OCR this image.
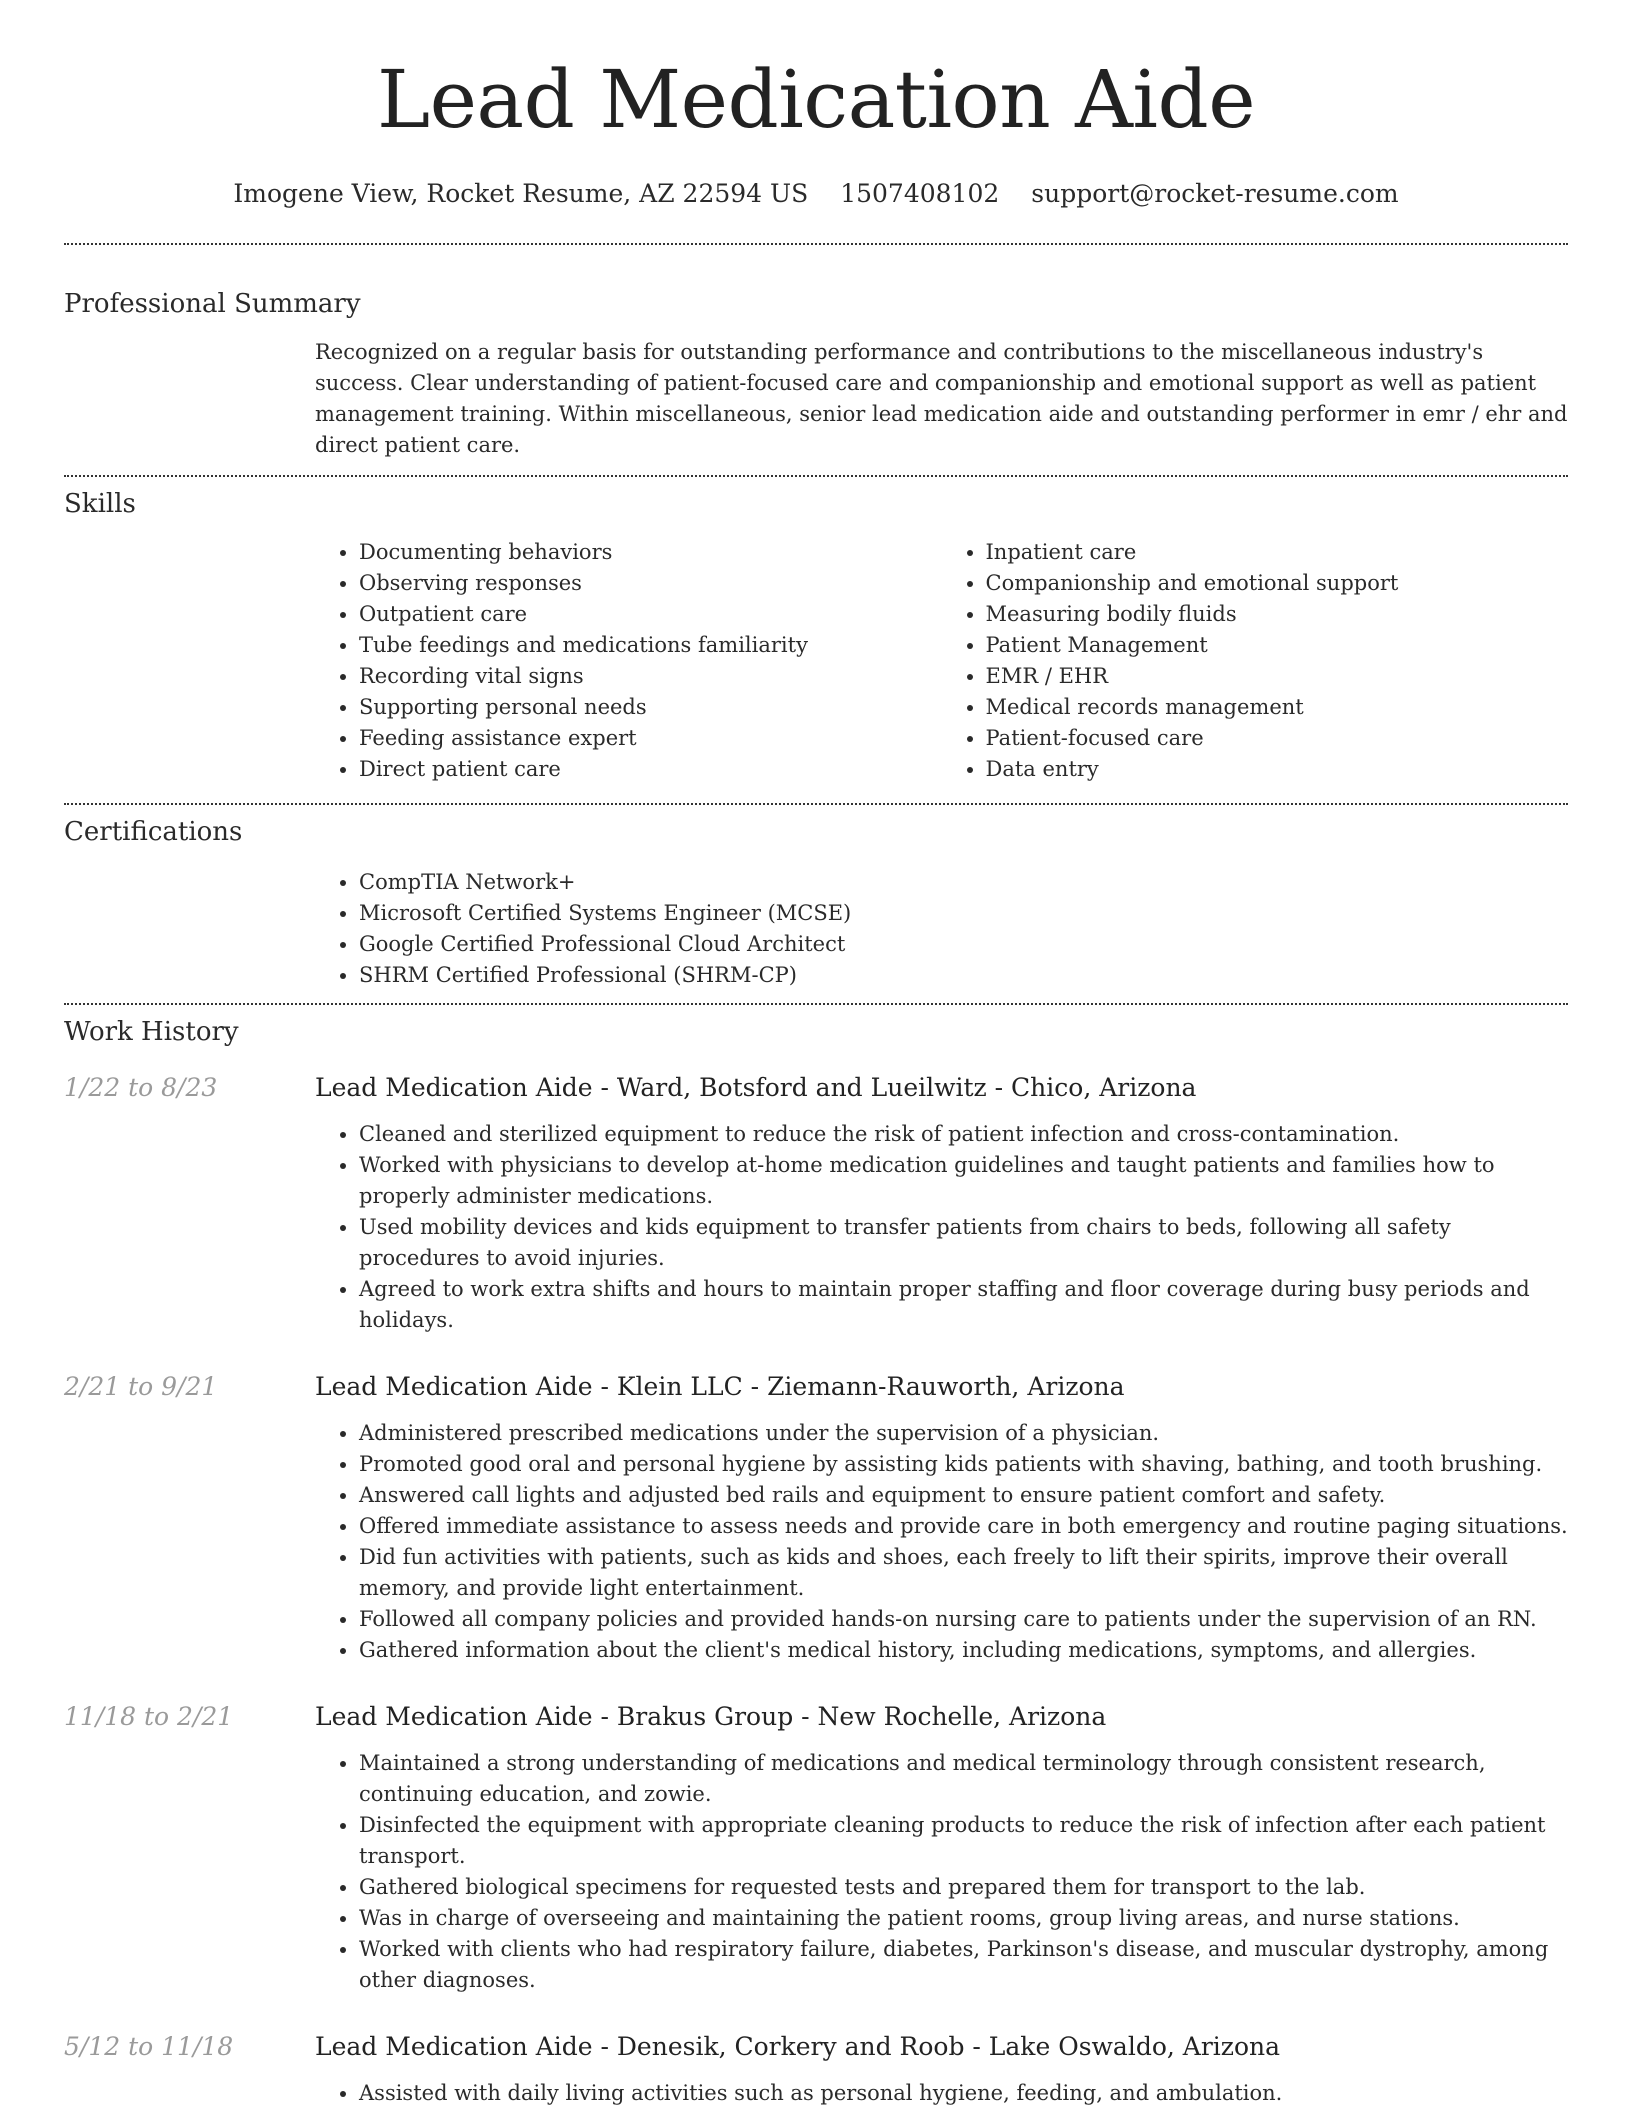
Lead Medication Aide
Imogene View, Rocket Resume, AZ 22594 US 1507408102 support@rocket-resume.com
Professional Summary

Recognized on a regular basis for outstanding performance and contributions to the miscellaneous industry's success. Clear understanding of patient-focused care and companionship and emotional support as well as patient management training. Within miscellaneous, senior lead medication aide and outstanding performer in emr / ehr and direct patient care.

Skills
• Documenting behaviors
• Observing responses
• Outpatient care
• Tube feedings and medications familiarity
• Recording vital signs
• Supporting personal needs
• Feeding assistance expert
• Direct patient care
• Inpatient care
• Companionship and emotional support
• Measuring bodily fluids
• Patient Management
• EMR / EHR
• Medical records management
• Patient-focused care
• Data entry
Certifications
• CompTIA Network+
• Microsoft Certified Systems Engineer (MCSE)
• Google Certified Professional Cloud Architect
• SHRM Certified Professional (SHRM-CP)
Work History
1/22 to 8/23	Lead Medication Aide - Ward, Botsford and Lueilwitz - Chico, Arizona
• Cleaned and sterilized equipment to reduce the risk of patient infection and cross-contamination.
• Worked with physicians to develop at-home medication guidelines and taught patients and families how to properly administer medications.
• Used mobility devices and kids equipment to transfer patients from chairs to beds, following all safety procedures to avoid injuries.
• Agreed to work extra shifts and hours to maintain proper staffing and floor coverage during busy periods and holidays.
2/21 to 9/21	Lead Medication Aide - Klein LLC - Ziemann-Rauworth, Arizona
• Administered prescribed medications under the supervision of a physician.
• Promoted good oral and personal hygiene by assisting kids patients with shaving, bathing, and tooth brushing.
• Answered call lights and adjusted bed rails and equipment to ensure patient comfort and safety.
• Offered immediate assistance to assess needs and provide care in both emergency and routine paging situations.
• Did fun activities with patients, such as kids and shoes, each freely to lift their spirits, improve their overall memory, and provide light entertainment.
• Followed all company policies and provided hands-on nursing care to patients under the supervision of an RN.
• Gathered information about the client's medical history, including medications, symptoms, and allergies.
11/18 to 2/21	Lead Medication Aide - Brakus Group - New Rochelle, Arizona
• Maintained a strong understanding of medications and medical terminology through consistent research, continuing education, and zowie.
• Disinfected the equipment with appropriate cleaning products to reduce the risk of infection after each patient transport.
• Gathered biological specimens for requested tests and prepared them for transport to the lab.
• Was in charge of overseeing and maintaining the patient rooms, group living areas, and nurse stations.
• Worked with clients who had respiratory failure, diabetes, Parkinson's disease, and muscular dystrophy, among other diagnoses.
5/12 to 11/18	Lead Medication Aide - Denesik, Corkery and Roob - Lake Oswaldo, Arizona
• Assisted with daily living activities such as personal hygiene, feeding, and ambulation.
